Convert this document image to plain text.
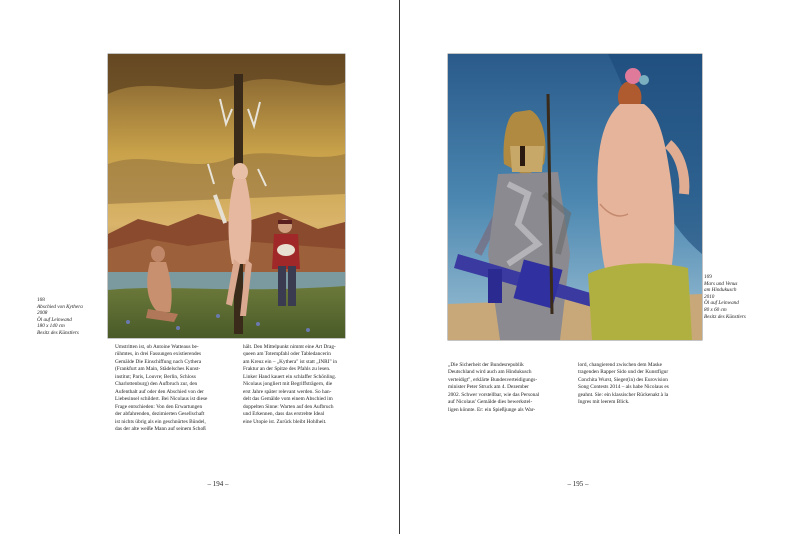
168
Abschied von Kythera
2008
Öl auf Leinwand
180 x 140 cm
Besitz des Künstlers
Umstritten ist, ob Antoine Watteaus be-
rühmtes, in drei Fassungen existierendes
Gemälde Die Einschiffung nach Cythera
(Frankfurt am Main, Städelsches Kunst-
institut; Paris, Louvre; Berlin, Schloss
Charlottenburg) den Aufbruch zur, den
Aufenthalt auf oder den Abschied von der
Liebesinsel schildert. Bei Nicolaus ist diese
Frage entschieden: Von den Erwartungen
der abfahrenden, dezimierten Gesellschaft
ist nichts übrig als ein geschnürtes Bündel,
das der alte weiße Mann auf seinem Schoß
hält. Den Mittelpunkt nimmt eine Art Drag-
queen am Totempfahl oder Tabledancerin
am Kreuz ein – „Kythera" ist statt „INRI" in
Fraktur an der Spitze des Pfahls zu lesen.
Linker Hand kauert ein schlaffer Schönling.
Nicolaus jongliert mit Begriffsträgern, die
erst Jahre später relevant werden. So han-
delt das Gemälde vom einem Abschied im
doppelten Sinne: Warten auf den Aufbruch
und Erkennen, dass das erstrebte Ideal
eine Utopie ist. Zurück bleibt Hohlheit.
– 194 –
169
Mars und Venus
am Hindukusch
2010
Öl auf Leinwand
80 x 60 cm
Besitz des Künstlers
„Die Sicherheit der Bundesrepublik
Deutschland wird auch am Hindukusch
verteidigt", erklärte Bundesverteidigungs-
minister Peter Struck am 4. Dezember
2002. Schwer vorstellbar, wie das Personal
auf Nicolaus' Gemälde dies bewerkstel-
ligen könnte. Er: ein Spießjunge als War-
lord, changierend zwischen dem Maske
tragenden Rapper Sido und der Kunstfigur
Conchita Wurst, Sieger(in) des Eurovision
Song Contests 2014 – als habe Nicolaus es
geahnt. Sie: ein klassischer Rückenakt à la
Ingres mit leerem Blick.
– 195 –
